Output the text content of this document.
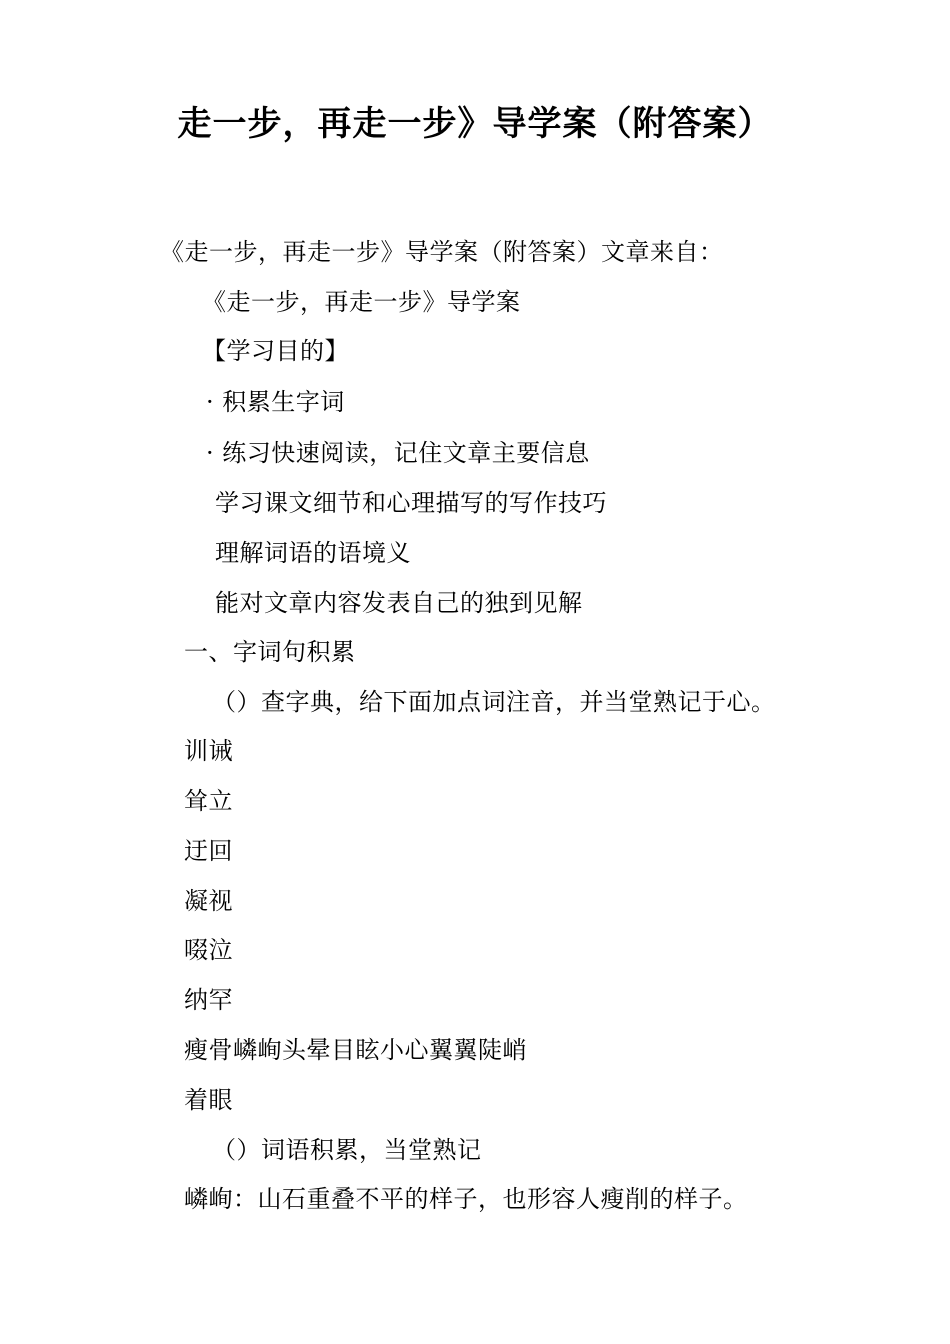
走一步，再走一步》导学案（附答案）
《走一步，再走一步》导学案（附答案）文章来自：
《走一步，再走一步》导学案
【学习目的】
· 积累生字词
· 练习快速阅读，记住文章主要信息
学习课文细节和心理描写的写作技巧
理解词语的语境义
能对文章内容发表自己的独到见解
一、字词句积累
（）查字典，给下面加点词注音，并当堂熟记于心。
训诫
耸立
迂回
凝视
啜泣
纳罕
瘦骨嶙峋头晕目眩小心翼翼陡峭
着眼
（）词语积累，当堂熟记
嶙峋：山石重叠不平的样子，也形容人瘦削的样子。
